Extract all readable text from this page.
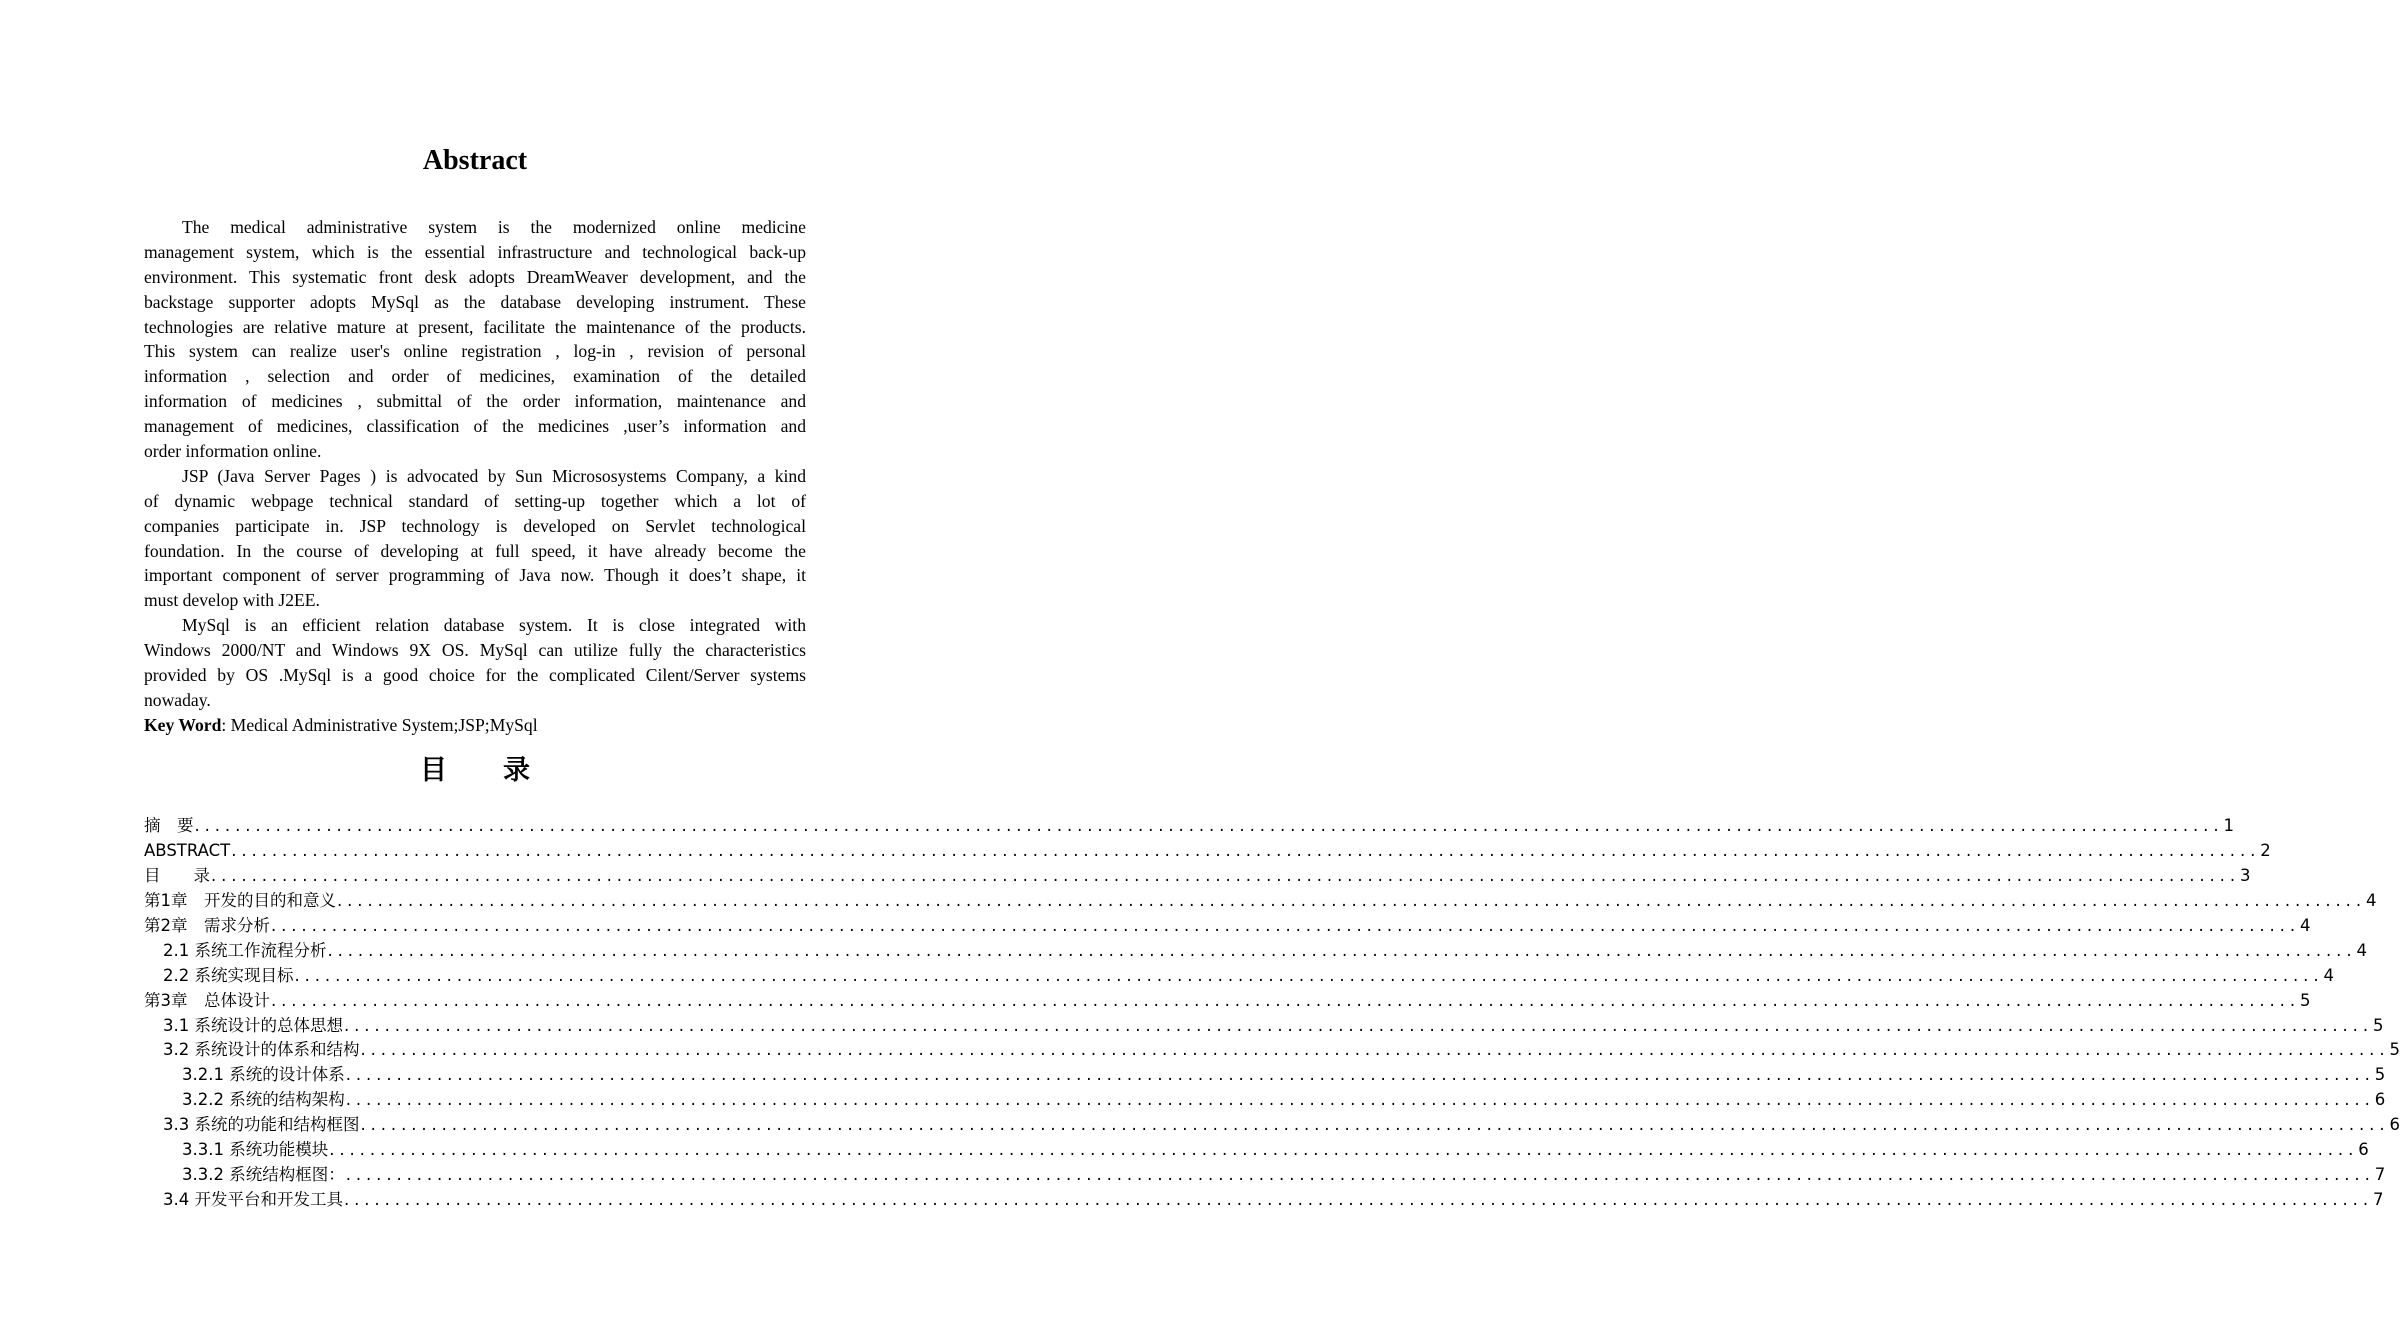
Abstract
The medical administrative system is the modernized online medicine
management system, which is the essential infrastructure and technological back-up
environment. This systematic front desk adopts DreamWeaver development, and the
backstage supporter adopts MySql as the database developing instrument. These
technologies are relative mature at present, facilitate the maintenance of the products.
This system can realize user's online registration , log-in , revision of personal
information , selection and order of medicines, examination of the detailed
information of medicines , submittal of the order information, maintenance and
management of medicines, classification of the medicines ,user’s information and
order information online.
JSP (Java Server Pages ) is advocated by Sun Micrososystems Company, a kind
of dynamic webpage technical standard of setting-up together which a lot of
companies participate in. JSP technology is developed on Servlet technological
foundation. In the course of developing at full speed, it have already become the
important component of server programming of Java now. Though it does’t shape, it
must develop with J2EE.
MySql is an efficient relation database system. It is close integrated with
Windows 2000/NT and Windows 9X OS. MySql can utilize fully the characteristics
provided by OS .MySql is a good choice for the complicated Cilent/Server systems
nowaday.
Key Word: Medical Administrative System;JSP;MySql
目录
摘　要 ........................................................................................................................................................................................................ 1
ABSTRACT ........................................................................................................................................................................................................ 2
目　　录 ........................................................................................................................................................................................................ 3
第1章　开发的目的和意义 ........................................................................................................................................................................................................ 4
第2章　需求分析 ........................................................................................................................................................................................................ 4
2.1 系统工作流程分析 ........................................................................................................................................................................................................ 4
2.2 系统实现目标 ........................................................................................................................................................................................................ 4
第3章　总体设计 ........................................................................................................................................................................................................ 5
3.1 系统设计的总体思想 ........................................................................................................................................................................................................ 5
3.2 系统设计的体系和结构 ........................................................................................................................................................................................................ 5
3.2.1 系统的设计体系 ........................................................................................................................................................................................................ 5
3.2.2 系统的结构架构 ........................................................................................................................................................................................................ 6
3.3 系统的功能和结构框图 ........................................................................................................................................................................................................ 6
3.3.1 系统功能模块 ........................................................................................................................................................................................................ 6
3.3.2 系统结构框图： ........................................................................................................................................................................................................ 7
3.4 开发平台和开发工具 ........................................................................................................................................................................................................ 7
